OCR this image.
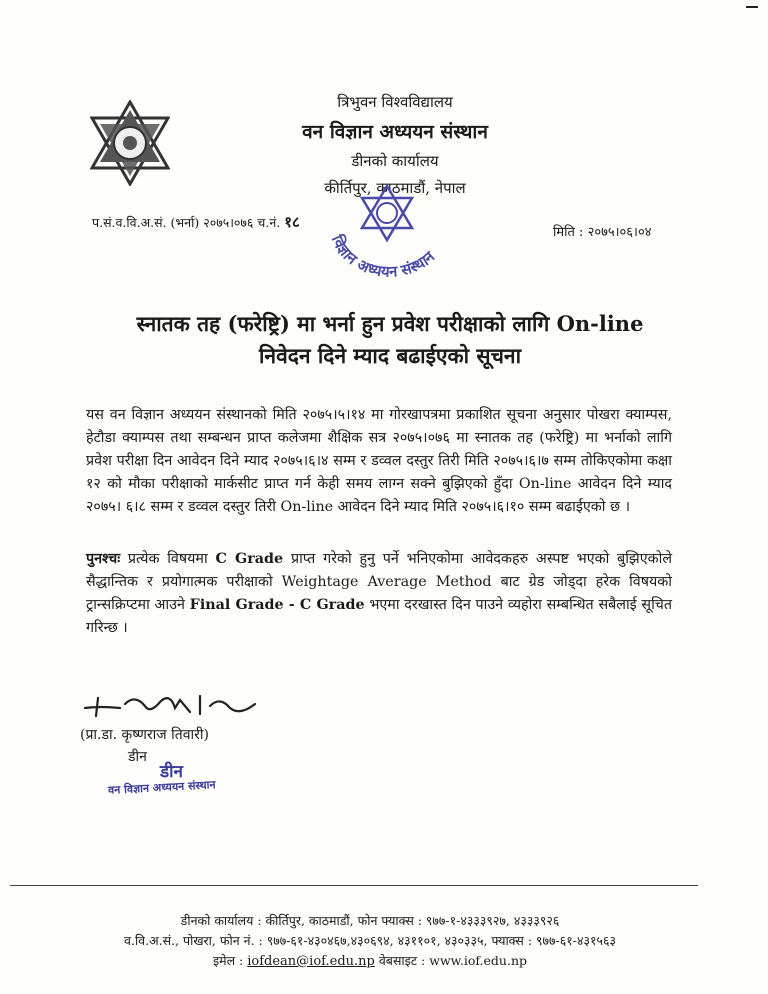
त्रिभुवन विश्वविद्यालय
वन विज्ञान अध्ययन संस्थान
डीनको कार्यालय
कीर्तिपुर, काठमाडौं, नेपाल
प.सं.व.वि.अ.सं. (भर्ना) २०७५।०७६ च.नं. १८
मिति : २०७५।०६।०४
विज्ञान अध्ययन संस्थान
स्नातक तह (फरेष्ट्रि) मा भर्ना हुन प्रवेश परीक्षाको लागि On-line
निवेदन दिने म्याद बढाईएको सूचना
यस वन विज्ञान अध्ययन संस्थानको मिति २०७५।५।१४ मा गोरखापत्रमा प्रकाशित सूचना अनुसार पोखरा क्याम्पस, हेटौडा क्याम्पस तथा सम्बन्धन प्राप्त कलेजमा शैक्षिक सत्र २०७५।०७६ मा स्नातक तह (फरेष्ट्रि) मा भर्नाको लागि प्रवेश परीक्षा दिन आवेदन दिने म्याद २०७५।६।४ सम्म र डव्वल दस्तुर तिरी मिति २०७५।६।७ सम्म तोकिएकोमा कक्षा १२ को मौका परीक्षाको मार्कसीट प्राप्त गर्न केही समय लाग्न सक्ने बुझिएको हुँदा On-line आवेदन दिने म्याद २०७५। ६।८ सम्म र डव्वल दस्तुर तिरी On-line आवेदन दिने म्याद मिति २०७५।६।१० सम्म बढाईएको छ ।
पुनश्चः प्रत्येक विषयमा C Grade प्राप्त गरेको हुनु पर्ने भनिएकोमा आवेदकहरु अस्पष्ट भएको बुझिएकोले सैद्धान्तिक र प्रयोगात्मक परीक्षाको Weightage Average Method बाट ग्रेड जोड्दा हरेक विषयको ट्रान्सक्रिप्टमा आउने Final Grade - C Grade भएमा दरखास्त दिन पाउने व्यहोरा सम्बन्धित सबैलाई सूचित गरिन्छ ।
(प्रा.डा. कृष्णराज तिवारी)
डीन
डीन
वन विज्ञान अध्ययन संस्थान
डीनको कार्यालय : कीर्तिपुर, काठमाडौं, फोन फ्याक्स : ९७७-१-४३३३९२७, ४३३३९२६
व.वि.अ.सं., पोखरा, फोन नं. : ९७७-६१-४३०४६७,४३०६९४, ४३११०१, ४३०३३५, फ्याक्स : ९७७-६१-४३१५६३
इमेल : iofdean@iof.edu.np वेबसाइट : www.iof.edu.np
